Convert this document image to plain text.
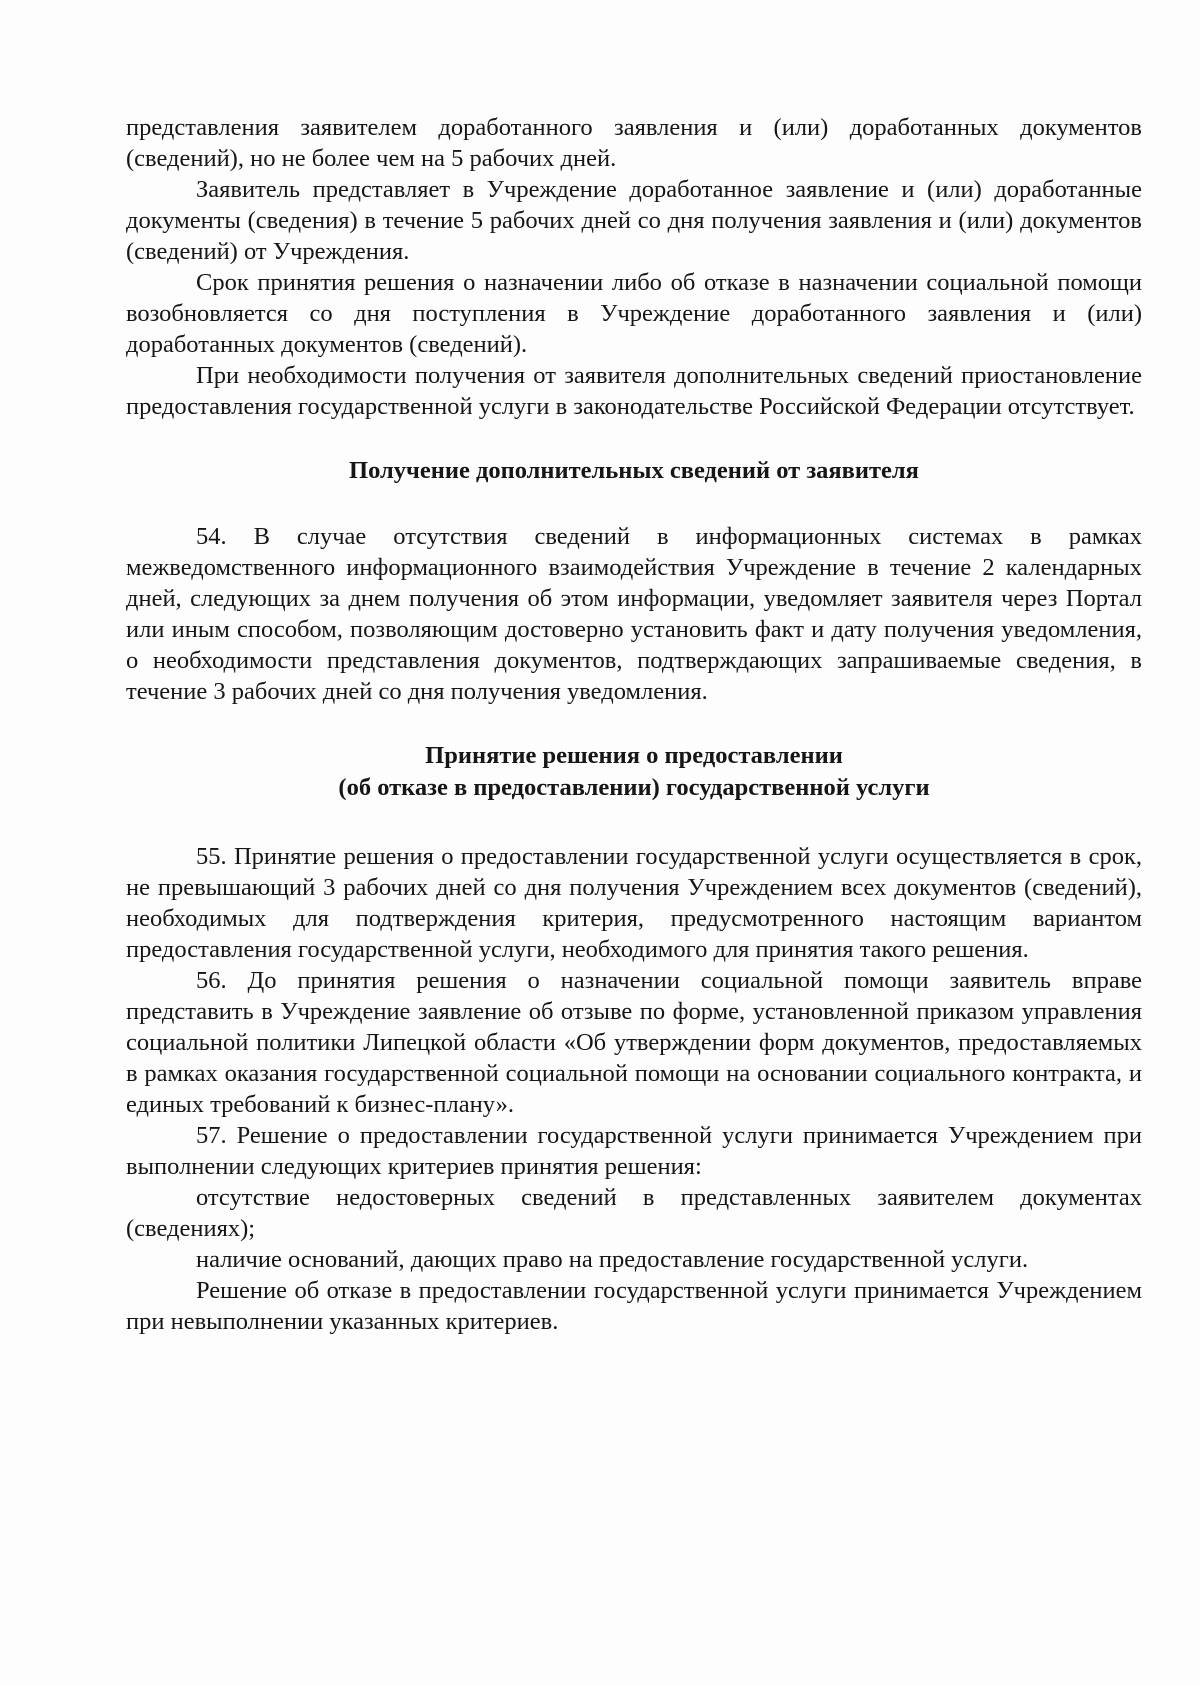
представления заявителем доработанного заявления и (или) доработанных документов (сведений), но не более чем на 5 рабочих дней.

Заявитель представляет в Учреждение доработанное заявление и (или) доработанные документы (сведения) в течение 5 рабочих дней со дня получения заявления и (или) документов (сведений) от Учреждения.

Срок принятия решения о назначении либо об отказе в назначении социальной помощи возобновляется со дня поступления в Учреждение доработанного заявления и (или) доработанных документов (сведений).

При необходимости получения от заявителя дополнительных сведений приостановление предоставления государственной услуги в законодательстве Российской Федерации отсутствует.

Получение дополнительных сведений от заявителя

54. В случае отсутствия сведений в информационных системах в рамках межведомственного информационного взаимодействия Учреждение в течение 2 календарных дней, следующих за днем получения об этом информации, уведомляет заявителя через Портал или иным способом, позволяющим достоверно установить факт и дату получения уведомления, о необходимости представления документов, подтверждающих запрашиваемые сведения, в течение 3 рабочих дней со дня получения уведомления.

Принятие решения о предоставлении
(об отказе в предоставлении) государственной услуги

55. Принятие решения о предоставлении государственной услуги осуществляется в срок, не превышающий 3 рабочих дней со дня получения Учреждением всех документов (сведений), необходимых для подтверждения критерия, предусмотренного настоящим вариантом предоставления государственной услуги, необходимого для принятия такого решения.

56. До принятия решения о назначении социальной помощи заявитель вправе представить в Учреждение заявление об отзыве по форме, установленной приказом управления социальной политики Липецкой области «Об утверждении форм документов, предоставляемых в рамках оказания государственной социальной помощи на основании социального контракта, и единых требований к бизнес-плану».

57. Решение о предоставлении государственной услуги принимается Учреждением при выполнении следующих критериев принятия решения:

отсутствие недостоверных сведений в представленных заявителем документах (сведениях);

наличие оснований, дающих право на предоставление государственной услуги.

Решение об отказе в предоставлении государственной услуги принимается Учреждением при невыполнении указанных критериев.
